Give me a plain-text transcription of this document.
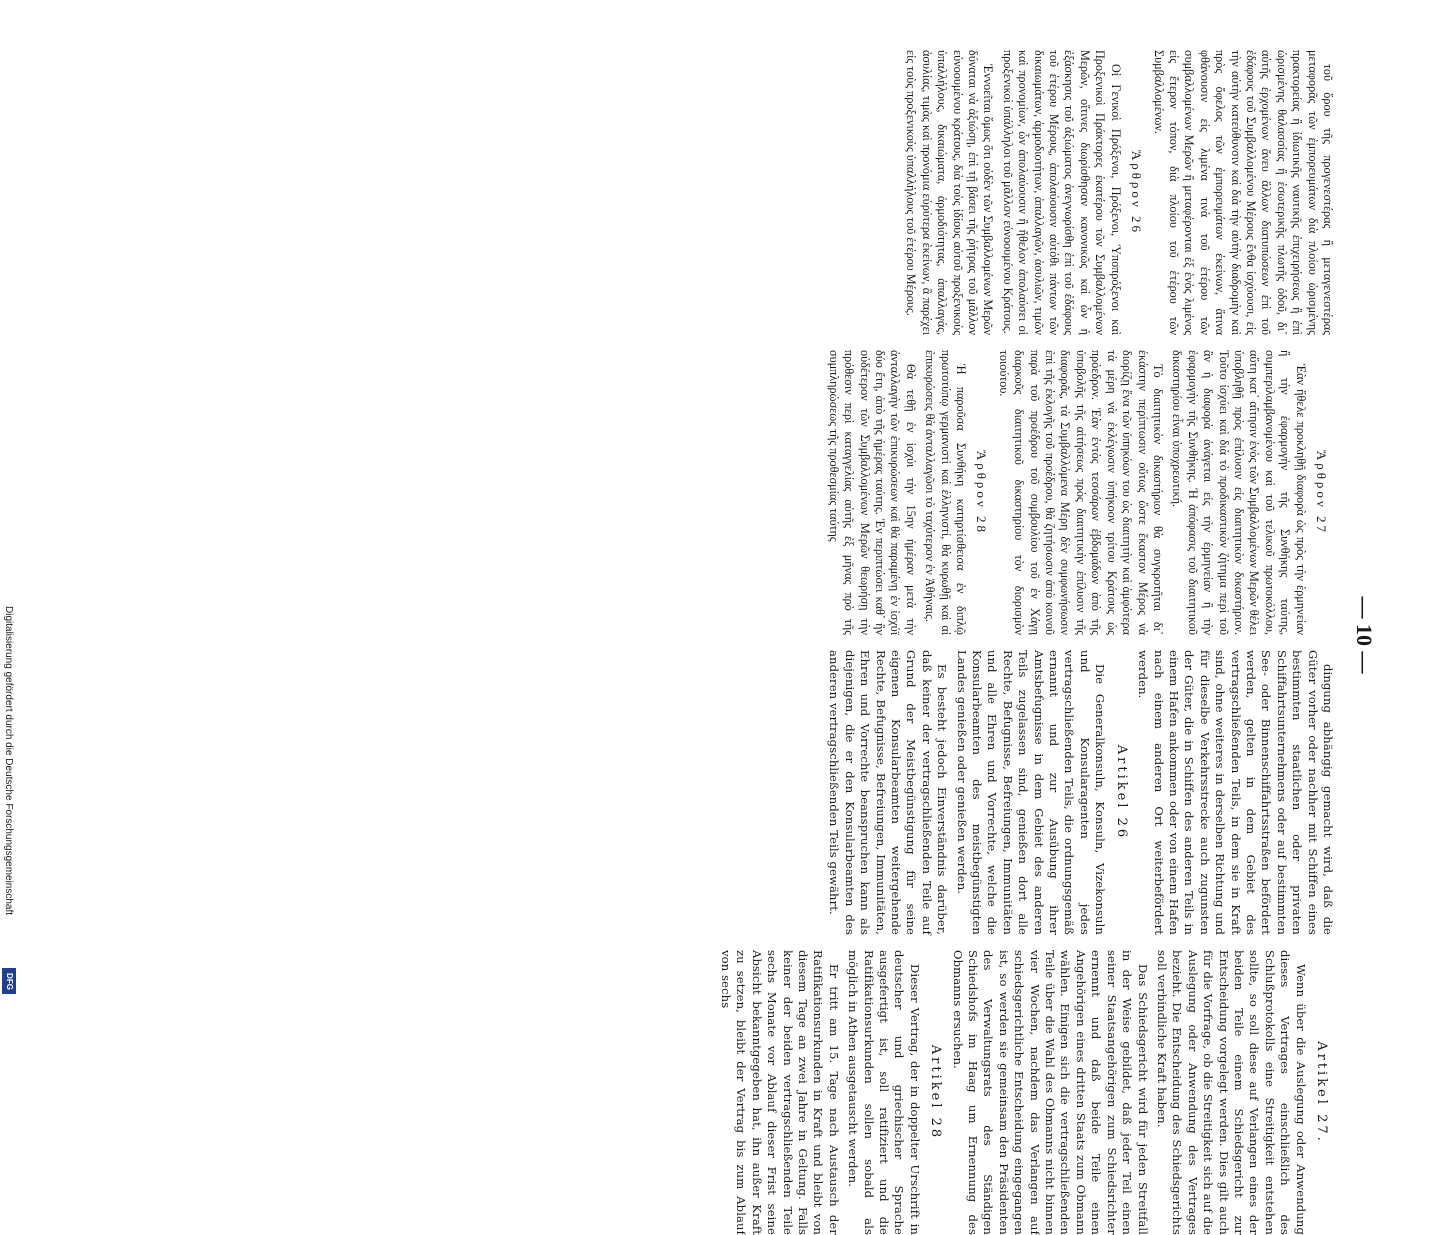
— 10 —

τοῦ ὅρου τῆς προγενεστέρας ἢ μεταγενεστέρας μεταφορᾶς τῶν ἐμπορευμάτων διὰ πλοίου ὡρισμένης πρακτορείας ἢ ἰδιωτικῆς ναυτικῆς ἐπιχειρήσεως ἢ ἐπὶ ὡρισμένης θαλασσίας ἢ ἐσωτερικῆς πλωτῆς ὁδοῦ, δι᾽ αὐτῆς ἐρχομένων ἄνευ ἄλλων διατυπώσεων ἐπὶ τοῦ ἐδάφους τοῦ Συμβαλλομένου Μέρους ἔνθα ἰσχύουσι, εἰς τὴν αὐτὴν κατεύθυνσιν καὶ διὰ τὴν αὐτὴν διαδρομὴν καὶ πρὸς ὄφελος τῶν ἐμπορευμάτων ἐκείνων, ἅτινα φθάνουσιν εἰς λιμένα τινὰ τοῦ ἑτέρου τῶν συμβαλλομένων Μερῶν ἢ μεταφέρονται ἐξ ἑνὸς λιμένος εἰς ἕτερον τόπον, διὰ πλοίου τοῦ ἑτέρου τῶν Συμβαλλομένων.

Ἄρθρον 26

Οἱ Γενικοὶ Πρόξενοι, Πρόξενοι, Ὑποπρόξενοι καὶ Προξενικοὶ Πράκτορες ἑκατέρου τῶν Συμβαλλομένων Μερῶν, οἵτινες διωρίσθησαν κανονικῶς καὶ ὧν ἡ ἐξάσκησις τοῦ ἀξιώματος ἀνεγνωρίσθη ἐπὶ τοῦ ἐδάφους τοῦ ἑτέρου Μέρους, ἀπολαύουσιν αὐτόθι πάντων τῶν δικαιωμάτων, ἁρμοδιοτήτων, ἀπαλλαγῶν, ἀσυλιῶν, τιμῶν καὶ προνομίων, ὧν ἀπολαύουσιν ἢ ἤθελον ἀπολαύσει οἱ προξενικοὶ ὑπάλληλοι τοῦ μᾶλλον εὐνοουμένου Κράτους.

Ἐννοεῖται ὅμως ὅτι οὐδὲν τῶν Συμβαλλομένων Μερῶν δύναται νὰ ἀξιώσῃ, ἐπὶ τῇ βάσει τῆς ῥήτρας τοῦ μᾶλλον εὐνοουμένου κράτους, διὰ τοὺς ἰδίους αὐτοῦ προξενικοὺς ὑπαλλήλους, δικαιώματα, ἁρμοδιότητας, ἀπαλλαγάς, ἀσυλίας, τιμὰς καὶ προνόμια εὐρύτερα ἐκείνων, ἃ παρέχει εἰς τοὺς προξενικοὺς ὑπαλλήλους τοῦ ἑτέρου Μέρους.

Ἄρθρον 27

Ἐὰν ἤθελε προκληθῇ διαφορὰ ὡς πρὸς τὴν ἑρμηνείαν ἢ τὴν ἐφαρμογὴν τῆς Συνθήκης ταύτης, συμπεριλαμβανομένου καὶ τοῦ τελικοῦ πρωτοκόλλου, αὕτη κατ᾽ αἴτησιν ἑνὸς τῶν Συμβαλλομένων Μερῶν θέλει ὑποβληθῇ πρὸς ἐπίλυσιν εἰς διαιτητικὸν δικαστήριον. Τοῦτο ἰσχύει καὶ διὰ τὸ προδικαστικὸν ζήτημα περὶ τοῦ ἂν ἡ διαφορὰ ἀνάγεται εἰς τὴν ἑρμηνείαν ἢ τὴν ἐφαρμογὴν τῆς Συνθήκης. Ἡ ἀπόφασις τοῦ διαιτητικοῦ δικαστηρίου εἶναι ὑποχρεωτική.

Τὸ διαιτητικὸν δικαστήριον θὰ συγκροτῆται δι᾽ ἑκάστην περίπτωσιν οὕτως ὥστε ἕκαστον Μέρος νὰ διορίζῃ ἕνα τῶν ὑπηκόων του ὡς διαιτητὴν καὶ ἀμφότερα τὰ μέρη νὰ ἐκλέγωσιν ὑπήκοον τρίτου Κράτους ὡς πρόεδρον. Ἐὰν ἐντὸς τεσσάρων ἑβδομάδων ἀπὸ τῆς ὑποβολῆς τῆς αἰτήσεως πρὸς διαιτητικὴν ἐπίλυσιν τῆς διαφορᾶς, τὰ Συμβαλλόμενα Μέρη δὲν συμφωνήσωσιν ἐπὶ τῆς ἐκλογῆς τοῦ προέδρου, θὰ ζητήσωσιν ἀπὸ κοινοῦ παρὰ τοῦ προέδρου τοῦ συμβουλίου τοῦ ἐν Χάγῃ διαρκοῦς διαιτητικοῦ δικαστηρίου τὸν διορισμὸν τοιούτου.

Ἄρθρον 28

Ἡ παροῦσα Συνθήκη κατηρτίσθεισα ἐν διπλῷ πρωτοτύπῳ γερμανιστὶ καὶ ἑλληνιστί, θὰ κυρωθῇ καὶ αἱ ἐπικυρώσεις θὰ ἀνταλλαγῶσι τὸ ταχύτερον ἐν Ἀθήναις.

Θὰ τεθῇ ἐν ἰσχύι τὴν 15ην ἡμέραν μετὰ τὴν ἀνταλλαγὴν τῶν ἐπικυρώσεων καὶ θὰ παραμένῃ ἐν ἰσχύϊ δύο ἔτη, ἀπὸ τῆς ἡμέρας ταύτης. Ἐν περιπτώσει καθ᾽ ἣν οὐδέτερον τῶν Συμβαλλομένων Μερῶν θεωρήσῃ τὴν πρόθεσιν περὶ καταγγελίας αὐτῆς ἐξ μῆνας πρὸ τῆς συμπληρώσεως τῆς προθεσμίας ταύτης

dingung abhängig gemacht wird, daß die Güter vorher oder nachher mit Schiffen eines bestimmten staatlichen oder privaten Schiffahrtsunternehmens oder auf bestimmten See- oder Binnenschiffahrtsstraßen befördert werden, gelten in dem Gebiet des vertragschließenden Teils, in dem sie in Kraft sind, ohne weiteres in derselben Richtung und für dieselbe Verkehrsstrecke auch zugunsten der Güter, die in Schiffen des anderen Teils in einem Hafen ankommen oder von einem Hafen nach einem anderen Ort weiterbefördert werden.

Artikel 26

Die Generalkonsuln, Konsuln, Vizekonsuln und Konsularagenten jedes vertragschließenden Teils, die ordnungsgemäß ernannt und zur Ausübung ihrer Amtsbefugnisse in dem Gebiet des anderen Teils zugelassen sind, genießen dort alle Rechte, Befugnisse, Befreiungen, Immunitäten und alle Ehren und Vorrechte, welche die Konsularbeamten des meistbegünstigten Landes genießen oder genießen werden.

Es besteht jedoch Einverständnis darüber, daß keiner der vertragschließenden Teile auf Grund der Meistbegünstigung für seine eigenen Konsularbeamten weitergehende Rechte, Befugnisse, Befreiungen, Immunitäten, Ehren und Vorrechte beanspruchen kann als diejenigen, die er den Konsularbeamten des anderen vertragschließenden Teils gewährt.

Artikel 27.

Wenn über die Auslegung oder Anwendung dieses Vertrages einschließlich des Schlußprotokolls eine Streitigkeit entstehen sollte, so soll diese auf Verlangen eines der beiden Teile einem Schiedsgericht zur Entscheidung vorgelegt werden. Dies gilt auch für die Vorfrage, ob die Streitigkeit sich auf die Auslegung oder Anwendung des Vertrages bezieht. Die Entscheidung des Schiedsgerichts soll verbindliche Kraft haben.

Das Schiedsgericht wird für jeden Streitfall in der Weise gebildet, daß jeder Teil einen seiner Staatsangehörigen zum Schiedsrichter ernennt und daß beide Teile einen Angehörigen eines dritten Staats zum Obmann wählen. Einigen sich die vertragschließenden Teile über die Wahl des Obmanns nicht binnen vier Wochen, nachdem das Verlangen auf schiedsgerichtliche Entscheidung eingegangen ist, so werden sie gemeinsam den Präsidenten des Verwaltungsrats des Ständigen Schiedshofs im Haag um Ernennung des Obmanns ersuchen.

Artikel 28

Dieser Vertrag, der in doppelter Urschrift in deutscher und griechischer Sprache ausgefertigt ist, soll ratifiziert und die Ratifikationsurkunden sollen sobald als möglich in Athen ausgetauscht werden.

Er tritt am 15. Tage nach Austausch der Ratifikationsurkunden in Kraft und bleibt von diesem Tage an zwei Jahre in Geltung. Falls keiner der beiden vertragschließenden Teile sechs Monate vor Ablauf dieser Frist seine Absicht bekanntgegeben hat, ihn außer Kraft zu setzen, bleibt der Vertrag bis zum Ablauf von sechs

Digitalisierung gefördert durch die Deutsche Forschungsgemeinschaft
DFG
